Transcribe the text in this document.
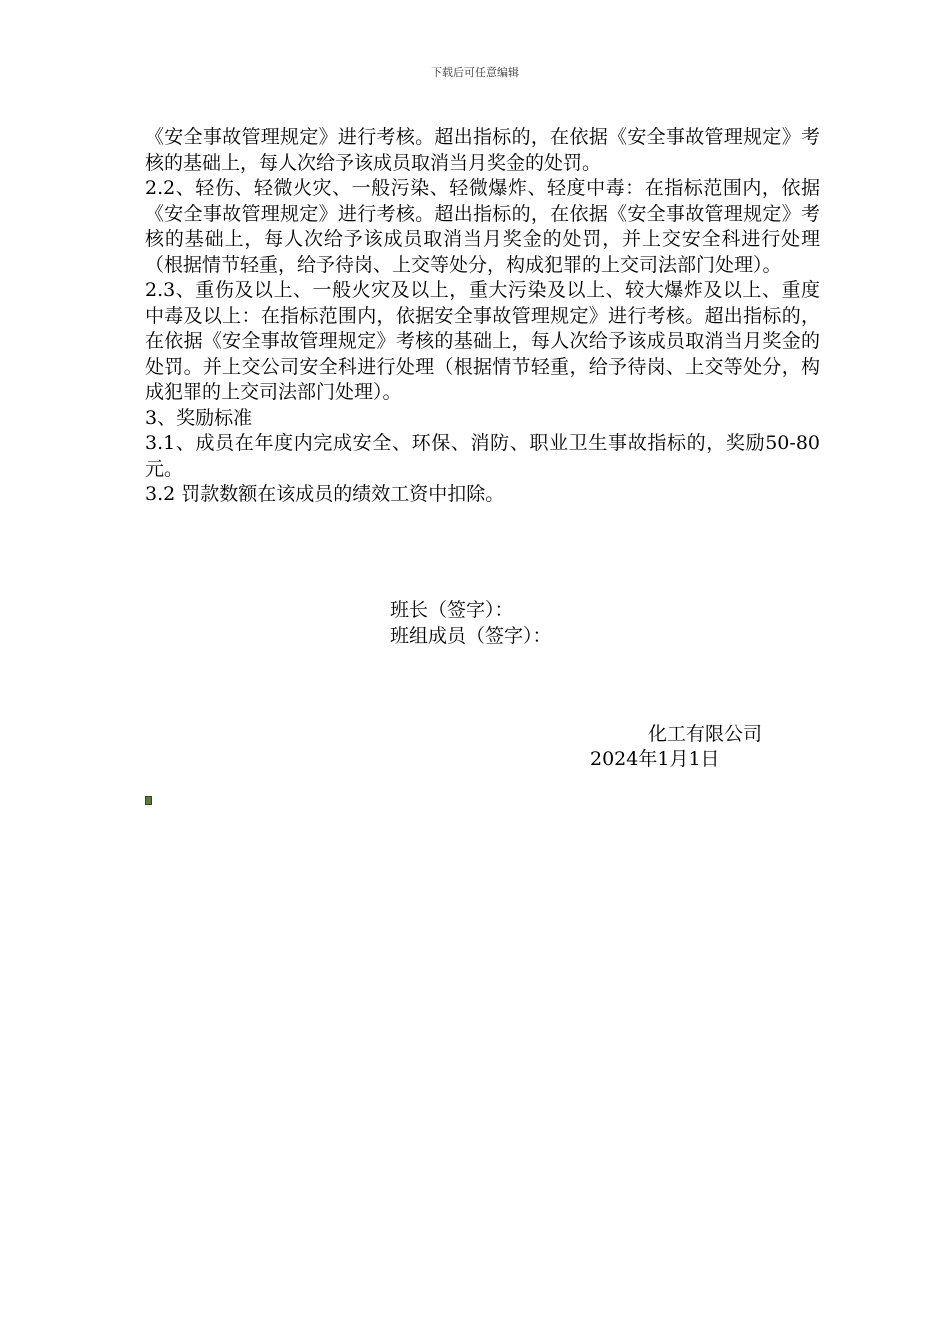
下载后可任意编辑

《安全事故管理规定》进行考核。超出指标的，在依据《安全事故管理规定》考核的基础上，每人次给予该成员取消当月奖金的处罚。

2.2、轻伤、轻微火灾、一般污染、轻微爆炸、轻度中毒：在指标范围内，依据《安全事故管理规定》进行考核。超出指标的，在依据《安全事故管理规定》考核的基础上，每人次给予该成员取消当月奖金的处罚，并上交安全科进行处理（根据情节轻重，给予待岗、上交等处分，构成犯罪的上交司法部门处理）。

2.3、重伤及以上、一般火灾及以上，重大污染及以上、较大爆炸及以上、重度中毒及以上：在指标范围内，依据安全事故管理规定》进行考核。超出指标的，在依据《安全事故管理规定》考核的基础上，每人次给予该成员取消当月奖金的处罚。并上交公司安全科进行处理（根据情节轻重，给予待岗、上交等处分，构成犯罪的上交司法部门处理）。

3、奖励标准

3.1、成员在年度内完成安全、环保、消防、职业卫生事故指标的，奖励50-80元。

3.2 罚款数额在该成员的绩效工资中扣除。

班长（签字）：
班组成员（签字）：
化工有限公司
2024年1月1日
